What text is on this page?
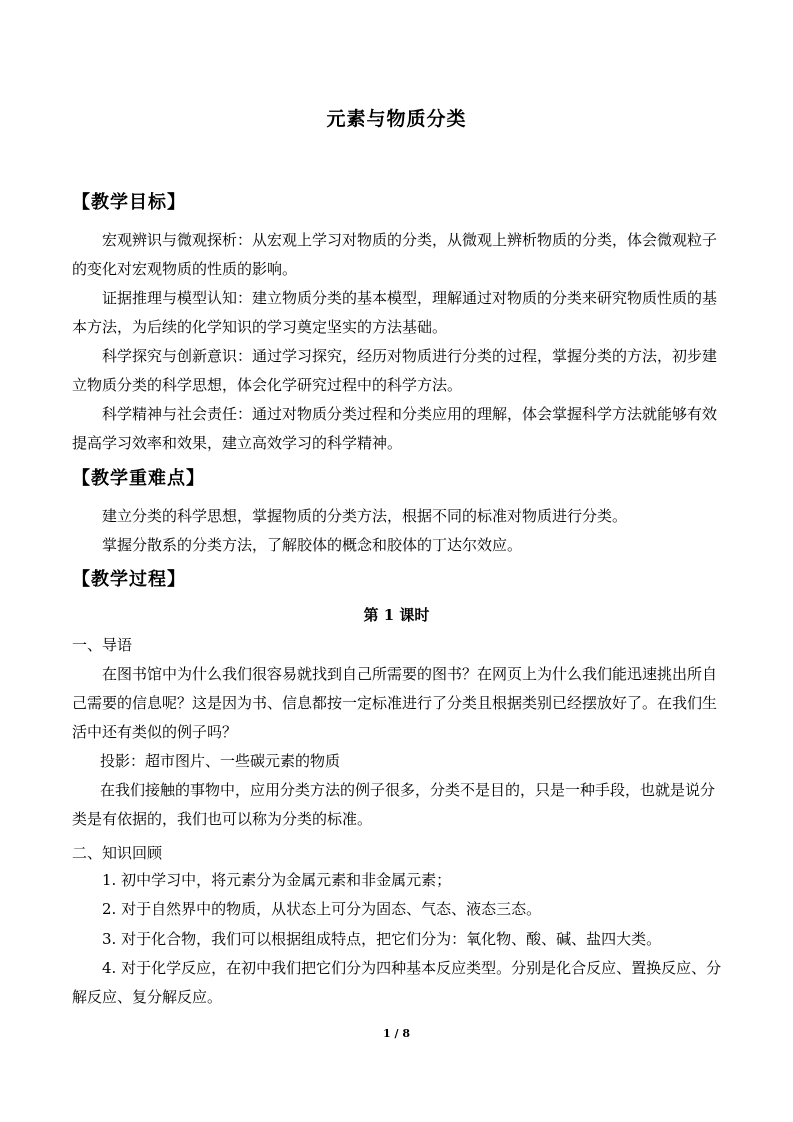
元素与物质分类
【教学目标】

宏观辨识与微观探析：从宏观上学习对物质的分类，从微观上辨析物质的分类，体会微观粒子的变化对宏观物质的性质的影响。

证据推理与模型认知：建立物质分类的基本模型，理解通过对物质的分类来研究物质性质的基本方法，为后续的化学知识的学习奠定坚实的方法基础。

科学探究与创新意识：通过学习探究，经历对物质进行分类的过程，掌握分类的方法，初步建立物质分类的科学思想，体会化学研究过程中的科学方法。

科学精神与社会责任：通过对物质分类过程和分类应用的理解，体会掌握科学方法就能够有效提高学习效率和效果，建立高效学习的科学精神。

【教学重难点】

建立分类的科学思想，掌握物质的分类方法，根据不同的标准对物质进行分类。

掌握分散系的分类方法，了解胶体的概念和胶体的丁达尔效应。

【教学过程】
第 1 课时
一、导语

在图书馆中为什么我们很容易就找到自己所需要的图书？在网页上为什么我们能迅速挑出所自己需要的信息呢？这是因为书、信息都按一定标准进行了分类且根据类别已经摆放好了。在我们生活中还有类似的例子吗？

投影：超市图片、一些碳元素的物质

在我们接触的事物中，应用分类方法的例子很多，分类不是目的，只是一种手段，也就是说分类是有依据的，我们也可以称为分类的标准。

二、知识回顾

1. 初中学习中，将元素分为金属元素和非金属元素；

2. 对于自然界中的物质，从状态上可分为固态、气态、液态三态。

3. 对于化合物，我们可以根据组成特点，把它们分为：氧化物、酸、碱、盐四大类。

4. 对于化学反应，在初中我们把它们分为四种基本反应类型。分别是化合反应、置换反应、分解反应、复分解反应。

1 / 8
